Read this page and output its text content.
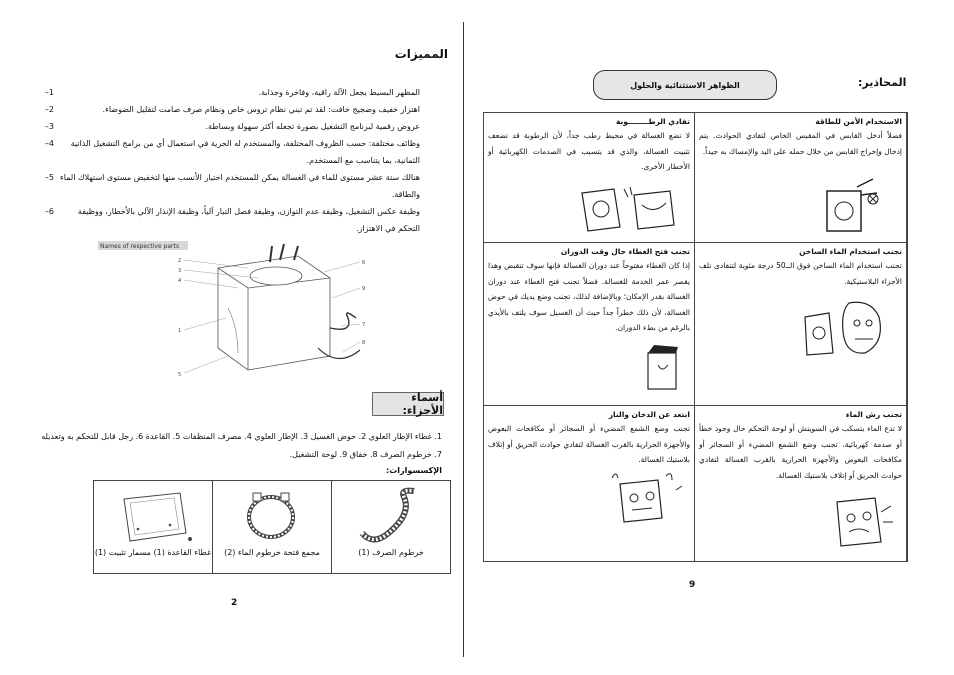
المميزات
1–	المظهر البسيط يجعل الآلة راقية، وفاخرة وجذابة.
2–	اهتزاز خفيف وضجيج خافت: لقد تم تبني نظام تروس خاص ونظام صرف صامت لتقليل الضوضاء.
3–	عروض رقمية لبرنامج التشغيل بصورة تجعله أكثر سهولة وبساطة.
4–	وظائف مختلفة: حسب الظروف المختلفة، والمستخدم له الحرية في استعمال أي من برامج التشغيل الذاتية الثمانية، بما يتناسب مع المستخدم.
5– هنالك ستة عشر مستوى للماء في الغسالة يمكن للمستخدم اختيار الأنسب منها لتخفيض مستوى استهلاك الماء والطاقة.
6–	وظيفة عكس التشغيل، وظيفة عدم التوازن، وظيفة فصل التيار آلياً، وظيفة الإنذار الآلي بالأخطار، ووظيفة التحكم في الاهتزاز.
Names of respective parts
2
3
4
1
5
6
9
7
8
أسماء الأجزاء:
1. غطاء الإطار العلوي 2. حوض الغسيل 3. الإطار العلوي 4. مصرف المنظفات 5. القاعدة 6. رجل قابل للتحكم به وتعديله
7. خرطوم الصرف 8. خفاق 9. لوحة التشغيل.
الإكسسوارات:
غطاء القاعدة (1) مسمار تثبيت (1)	مجمع فتحة خرطوم الماء (2)	خرطوم الصرف (1)
2
:المحاذير
الظواهر الاستثنائية والحلول
الاستخدام الأمن للطاقة
فضلاً أدخل القابس في المقبس الخاص لتفادي الحوادث. يتم إدخال وإخراج القابس من خلال حمله على اليد والإمساك به جيداً.
تفادي الرطــــــــوبة
لا تضع الغسالة في محيط رطب جداً، لأن الرطوبة قد تضعف تثبيت الغسالة، والذي قد يتسبب في الصدمات الكهربائية أو الأخطار الأخرى.
تجنب استخدام الماء الساخن
تجنب استخدام الماء الساخن فوق الــ50 درجة مئوية لتتفادى تلف الأجزاء البلاستيكية.
تجنب فتح الغطاء حال وقت الدوران
إذا كان الغطاء مفتوحاً عند دوران الغسالة فإنها سوف تتقبض وهذا يقصر عمر الخدمة للغسالة. فضلاً تجنب فتح الغطاء عند دوران الغسالة بقدر الإمكان؛ وبالإضافة لذلك، تجنب وضع يديك في حوض الغسالة، لأن ذلك خطراً جداً حيث أن الغسيل سوف يلتف بالأيدي بالرغم من بطء الدوران.
تجنب رش الماء
لا تدع الماء يتسكب في السويتش أو لوحة التحكم حال وجود خطأ أو صدمة كهربائية. تجنب وضع الشمع المضيء أو السجائر أو مكافحات البعوض والأجهزة الحرارية بالقرب الغسالة لتفادي حوادث الحريق أو إتلاف بلاستيك الغسالة.
ابتعد عن الدخان والنار
تجنب وضع الشمع المضيء أو السجائر أو مكافحات البعوض والأجهزة الحرارية بالقرب الغسالة لتفادي حوادث الحريق أو إتلاف بلاستيك الغسالة.
9
